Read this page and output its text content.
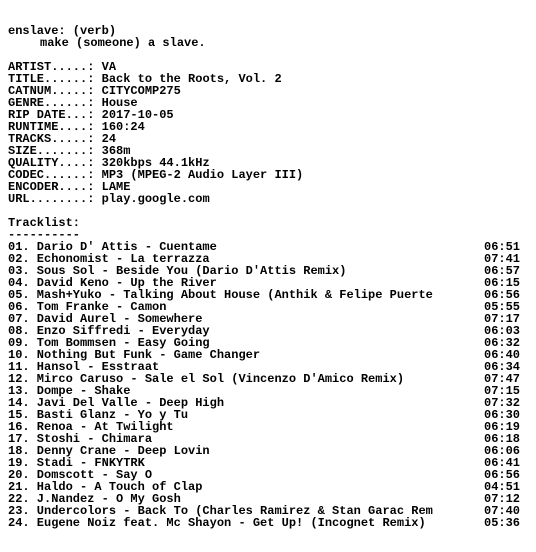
enslave: (verb)
make (someone) a slave.
ARTIST.....: VA
TITLE......: Back to the Roots, Vol. 2
CATNUM.....: CITYCOMP275
GENRE......: House
RIP DATE...: 2017-10-05
RUNTIME....: 160:24
TRACKS.....: 24
SIZE.......: 368m
QUALITY....: 320kbps 44.1kHz
CODEC......: MP3 (MPEG-2 Audio Layer III)
ENCODER....: LAME
URL........: play.google.com
Tracklist:
----------
01. Dario D' Attis - Cuentame	06:51
02. Echonomist - La terrazza	07:41
03. Sous Sol - Beside You (Dario D'Attis Remix)	06:57
04. David Keno - Up the River	06:15
05. Mash+Yuko - Talking About House (Anthik & Felipe Puerte	06:56
06. Tom Franke - Camon	05:55
07. David Aurel - Somewhere	07:17
08. Enzo Siffredi - Everyday	06:03
09. Tom Bommsen - Easy Going	06:32
10. Nothing But Funk - Game Changer	06:40
11. Hansol - Esstraat	06:34
12. Mirco Caruso - Sale el Sol (Vincenzo D'Amico Remix)	07:47
13. Dompe - Shake	07:15
14. Javi Del Valle - Deep High	07:32
15. Basti Glanz - Yo y Tu	06:30
16. Renoa - At Twilight	06:19
17. Stoshi - Chimara	06:18
18. Denny Crane - Deep Lovin	06:06
19. Stadi - FNKYTRK	06:41
20. Domscott - Say O	06:56
21. Haldo - A Touch of Clap	04:51
22. J.Nandez - O My Gosh	07:12
23. Undercolors - Back To (Charles Ramirez & Stan Garac Rem	07:40
24. Eugene Noiz feat. Mc Shayon - Get Up! (Incognet Remix)	05:36
